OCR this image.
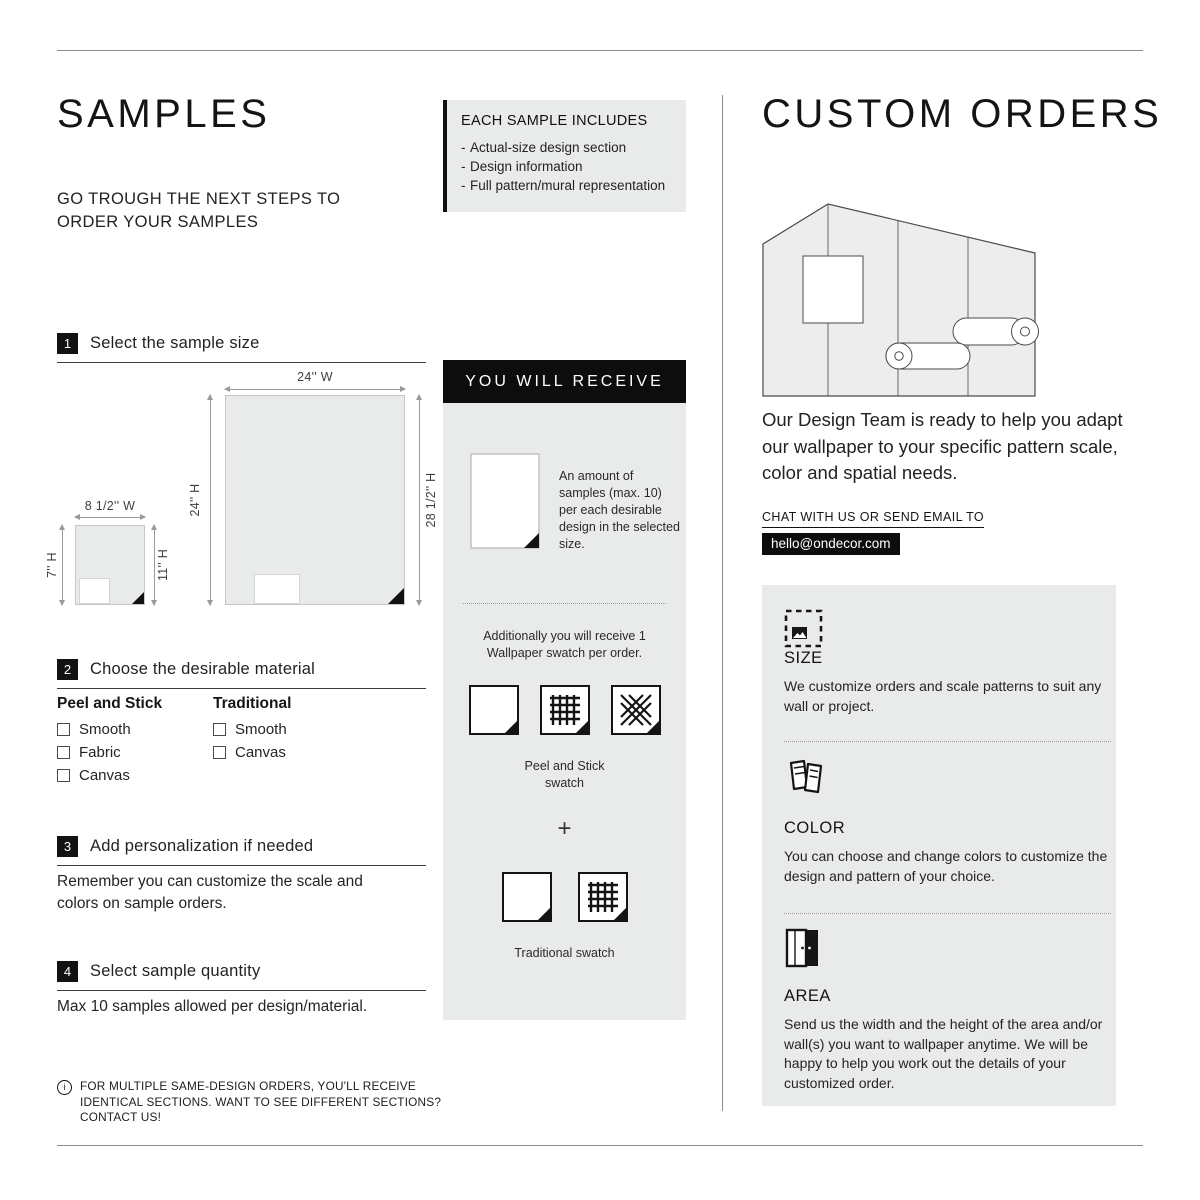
SAMPLES
GO TROUGH THE NEXT STEPS TO ORDER YOUR SAMPLES
1	Select the sample size
24'' W
24'' H	28 1/2'' H
8 1/2'' W
7'' H	11'' H
2	Choose the desirable material
Peel and Stick
Smooth
Fabric
Canvas
Traditional
Smooth
Canvas
3	Add personalization if needed
Remember you can customize the scale and colors on sample orders.
4	Select sample quantity
Max 10 samples allowed per design/material.
i	FOR MULTIPLE SAME-DESIGN ORDERS, YOU'LL RECEIVE IDENTICAL SECTIONS. WANT TO SEE DIFFERENT SECTIONS? CONTACT US!
EACH SAMPLE INCLUDES
- Actual-size design section
- Design information
- Full pattern/mural representation
YOU WILL RECEIVE
An amount of samples (max. 10) per each desirable design in the selected size.
Additionally you will receive 1 Wallpaper swatch per order.
Peel and Stick swatch
+
Traditional swatch
CUSTOM ORDERS
Our Design Team is ready to help you adapt our wallpaper to your specific pattern scale, color and spatial needs.
CHAT WITH US OR SEND EMAIL TO
hello@ondecor.com
SIZE
We customize orders and scale patterns to suit any wall or project.
COLOR
You can choose and change colors to customize the design and pattern of your choice.
AREA
Send us the width and the height of the area and/or wall(s) you want to wallpaper anytime. We will be happy to help you work out the details of your customized order.
